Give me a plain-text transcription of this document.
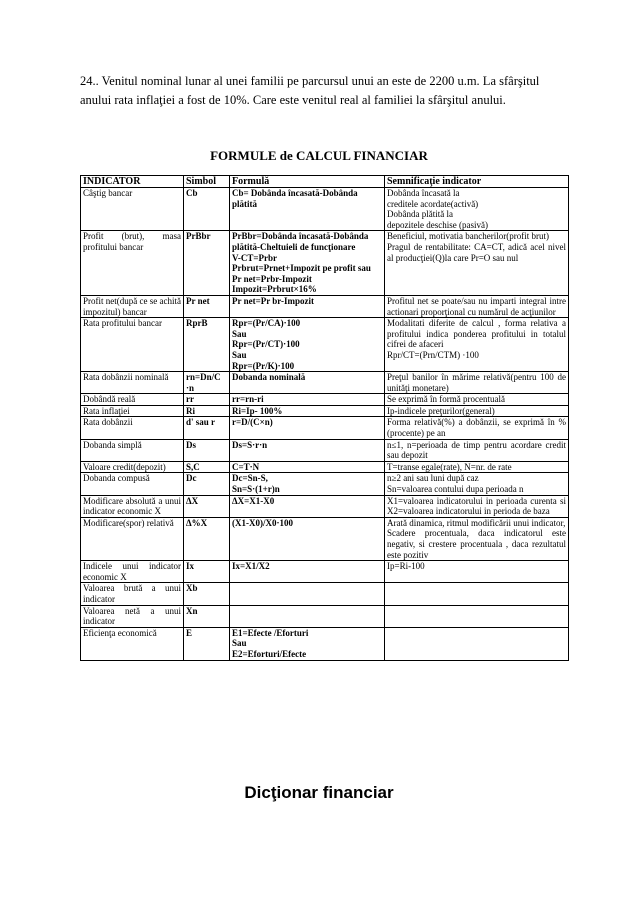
24.. Venitul nominal lunar al unei familii pe parcursul unui an este de 2200 u.m. La sfârşitul
anului rata inflaţiei a fost de 10%. Care este venitul real al familiei la sfârşitul anului.
FORMULE de CALCUL FINANCIAR
INDICATOR	Simbol	Formulă	Semnificaţie indicator

Câştig bancar	Cb	Cb= Dobânda încasată-Dobânda plătită	Dobânda încasată la
creditele acordate(activă)
Dobânda plătită la
depozitele deschise (pasivă)

Profit (brut), masa profitului bancar	PrBbr	PrBbr=Dobânda încasată-Dobânda plătită-Cheltuieli de funcţionare
V-CT=Prbr
Prbrut=Prnet+Impozit pe profit sau Pr net=Prbr-Impozit
Impozit=Prbrut×16%	Beneficiul, motivatia bancherilor(profit brut)
Pragul de rentabilitate: CA=CT, adică acel nivel al producţiei(Q)la care Pr=O sau nul

Profit net(după ce se achită impozitul) bancar	Pr net	Pr net=Pr br-Impozit	Profitul net se poate/sau nu imparti integral intre actionari proporţional cu numărul de acţiunilor

Rata profitului bancar	RprB	Rpr=(Pr/CA)·100
Sau
Rpr=(Pr/CT)·100
Sau
Rpr=(Pr/K)·100	Modalitati diferite de calcul , forma relativa a profitului indica ponderea profitului in totalul cifrei de afaceri
Rpr/CT=(Prn/CTM) ·100

Rata dobânzii nominală	rn=Dn/C
·n	Dobanda nominală	Preţul banilor în mărime relativă(pentru 100 de unităţi monetare)

Dobândă reală	rr	rr=rn-ri	Se exprimă în formă procentuală

Rata inflaţiei	Ri	Ri=Ip- 100%	Ip-indicele preţurilor(general)

Rata dobânzii	d' sau r	r=D/(C×n)	Forma relativă(%) a dobânzii, se exprimă în %(procente) pe an

Dobanda simplă	Ds	Ds=S·r·n	n≤1, n=perioada de timp pentru acordare credit sau depozit

Valoare credit(depozit)	S,C	C=T·N	T=transe egale(rate), N=nr. de rate

Dobanda compusă	Dc	Dc=Sn-S,
Sn=S·(1+r)n	n≥2 ani sau luni după caz
Sn=valoarea contului dupa perioada n

Modificare absolută a unui indicator economic X	ΔX	ΔX=X1-X0	X1=valoarea indicatorului in perioada curenta si X2=valoarea indicatorului in perioda de baza

Modificare(spor) relativă	Δ%X	(X1-X0)/X0·100	Arată dinamica, ritmul modificării unui indicator,
Scadere procentuala, daca indicatorul este negativ, si crestere procentuala , daca rezultatul este pozitiv

Indicele unui indicator economic X	Ix	Ix=X1/X2	Ip=Ri-100

Valoarea brută a unui indicator	Xb		

Valoarea netă a unui indicator	Xn		

Eficienţa economică	E	E1=Efecte /Eforturi
Sau
E2=Eforturi/Efecte	

Dicţionar financiar
